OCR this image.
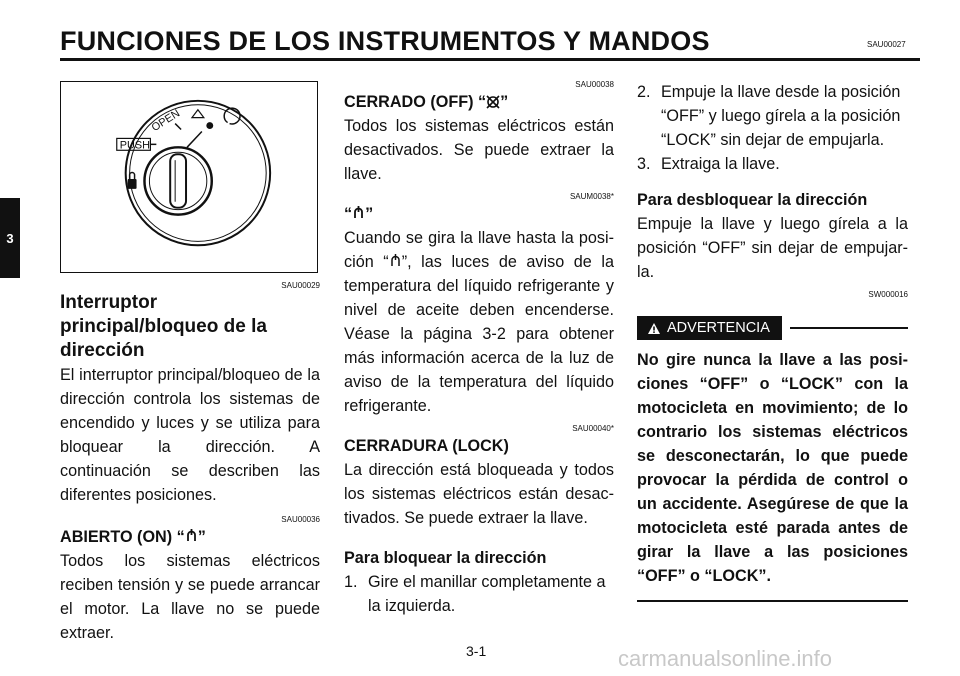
FUNCIONES DE LOS INSTRUMENTOS Y MANDOS	SAU00027
3
OPEN
PUSH
SAU00029
Interruptor principal/bloqueo de la dirección

El interruptor principal/bloqueo de la dirección controla los sistemas de encendido y luces y se utiliza para bloquear la dirección. A continuación se describen las diferentes posiciones.

SAU00036
ABIERTO (ON) “ ”

Todos los sistemas eléctricos reciben tensión y se puede arrancar el motor. La llave no se puede extraer.

SAU00038
CERRADO (OFF) “ ”

Todos los sistemas eléctricos están desactivados. Se puede extraer la llave.

SAUM0038*
“ ”

Cuando se gira la llave hasta la posición “ ”, las luces de aviso de la temperatura del líquido refrigerante y nivel de aceite deben encenderse. Véase la página 3-2 para obtener más información acerca de la luz de aviso de la temperatura del líquido refrigerante.

SAU00040*
CERRADURA (LOCK)

La dirección está bloqueada y todos los sistemas eléctricos están desactivados. Se puede extraer la llave.

Para bloquear la dirección
1. Gire el manillar completamente a la izquierda.
2. Empuje la llave desde la posición “OFF” y luego gírela a la posición “LOCK” sin dejar de empujarla.
3. Extraiga la llave.
Para desbloquear la dirección

Empuje la llave y luego gírela a la posición “OFF” sin dejar de empujarla.

SW000016
ADVERTENCIA

No gire nunca la llave a las posiciones “OFF” o “LOCK” con la motocicleta en movimiento; de lo contrario los sistemas eléctricos se desconectarán, lo que puede provocar la pérdida de control o un accidente. Asegúrese de que la motocicleta esté parada antes de girar la llave a las posiciones “OFF” o “LOCK”.

3-1	carmanualsonline.info
